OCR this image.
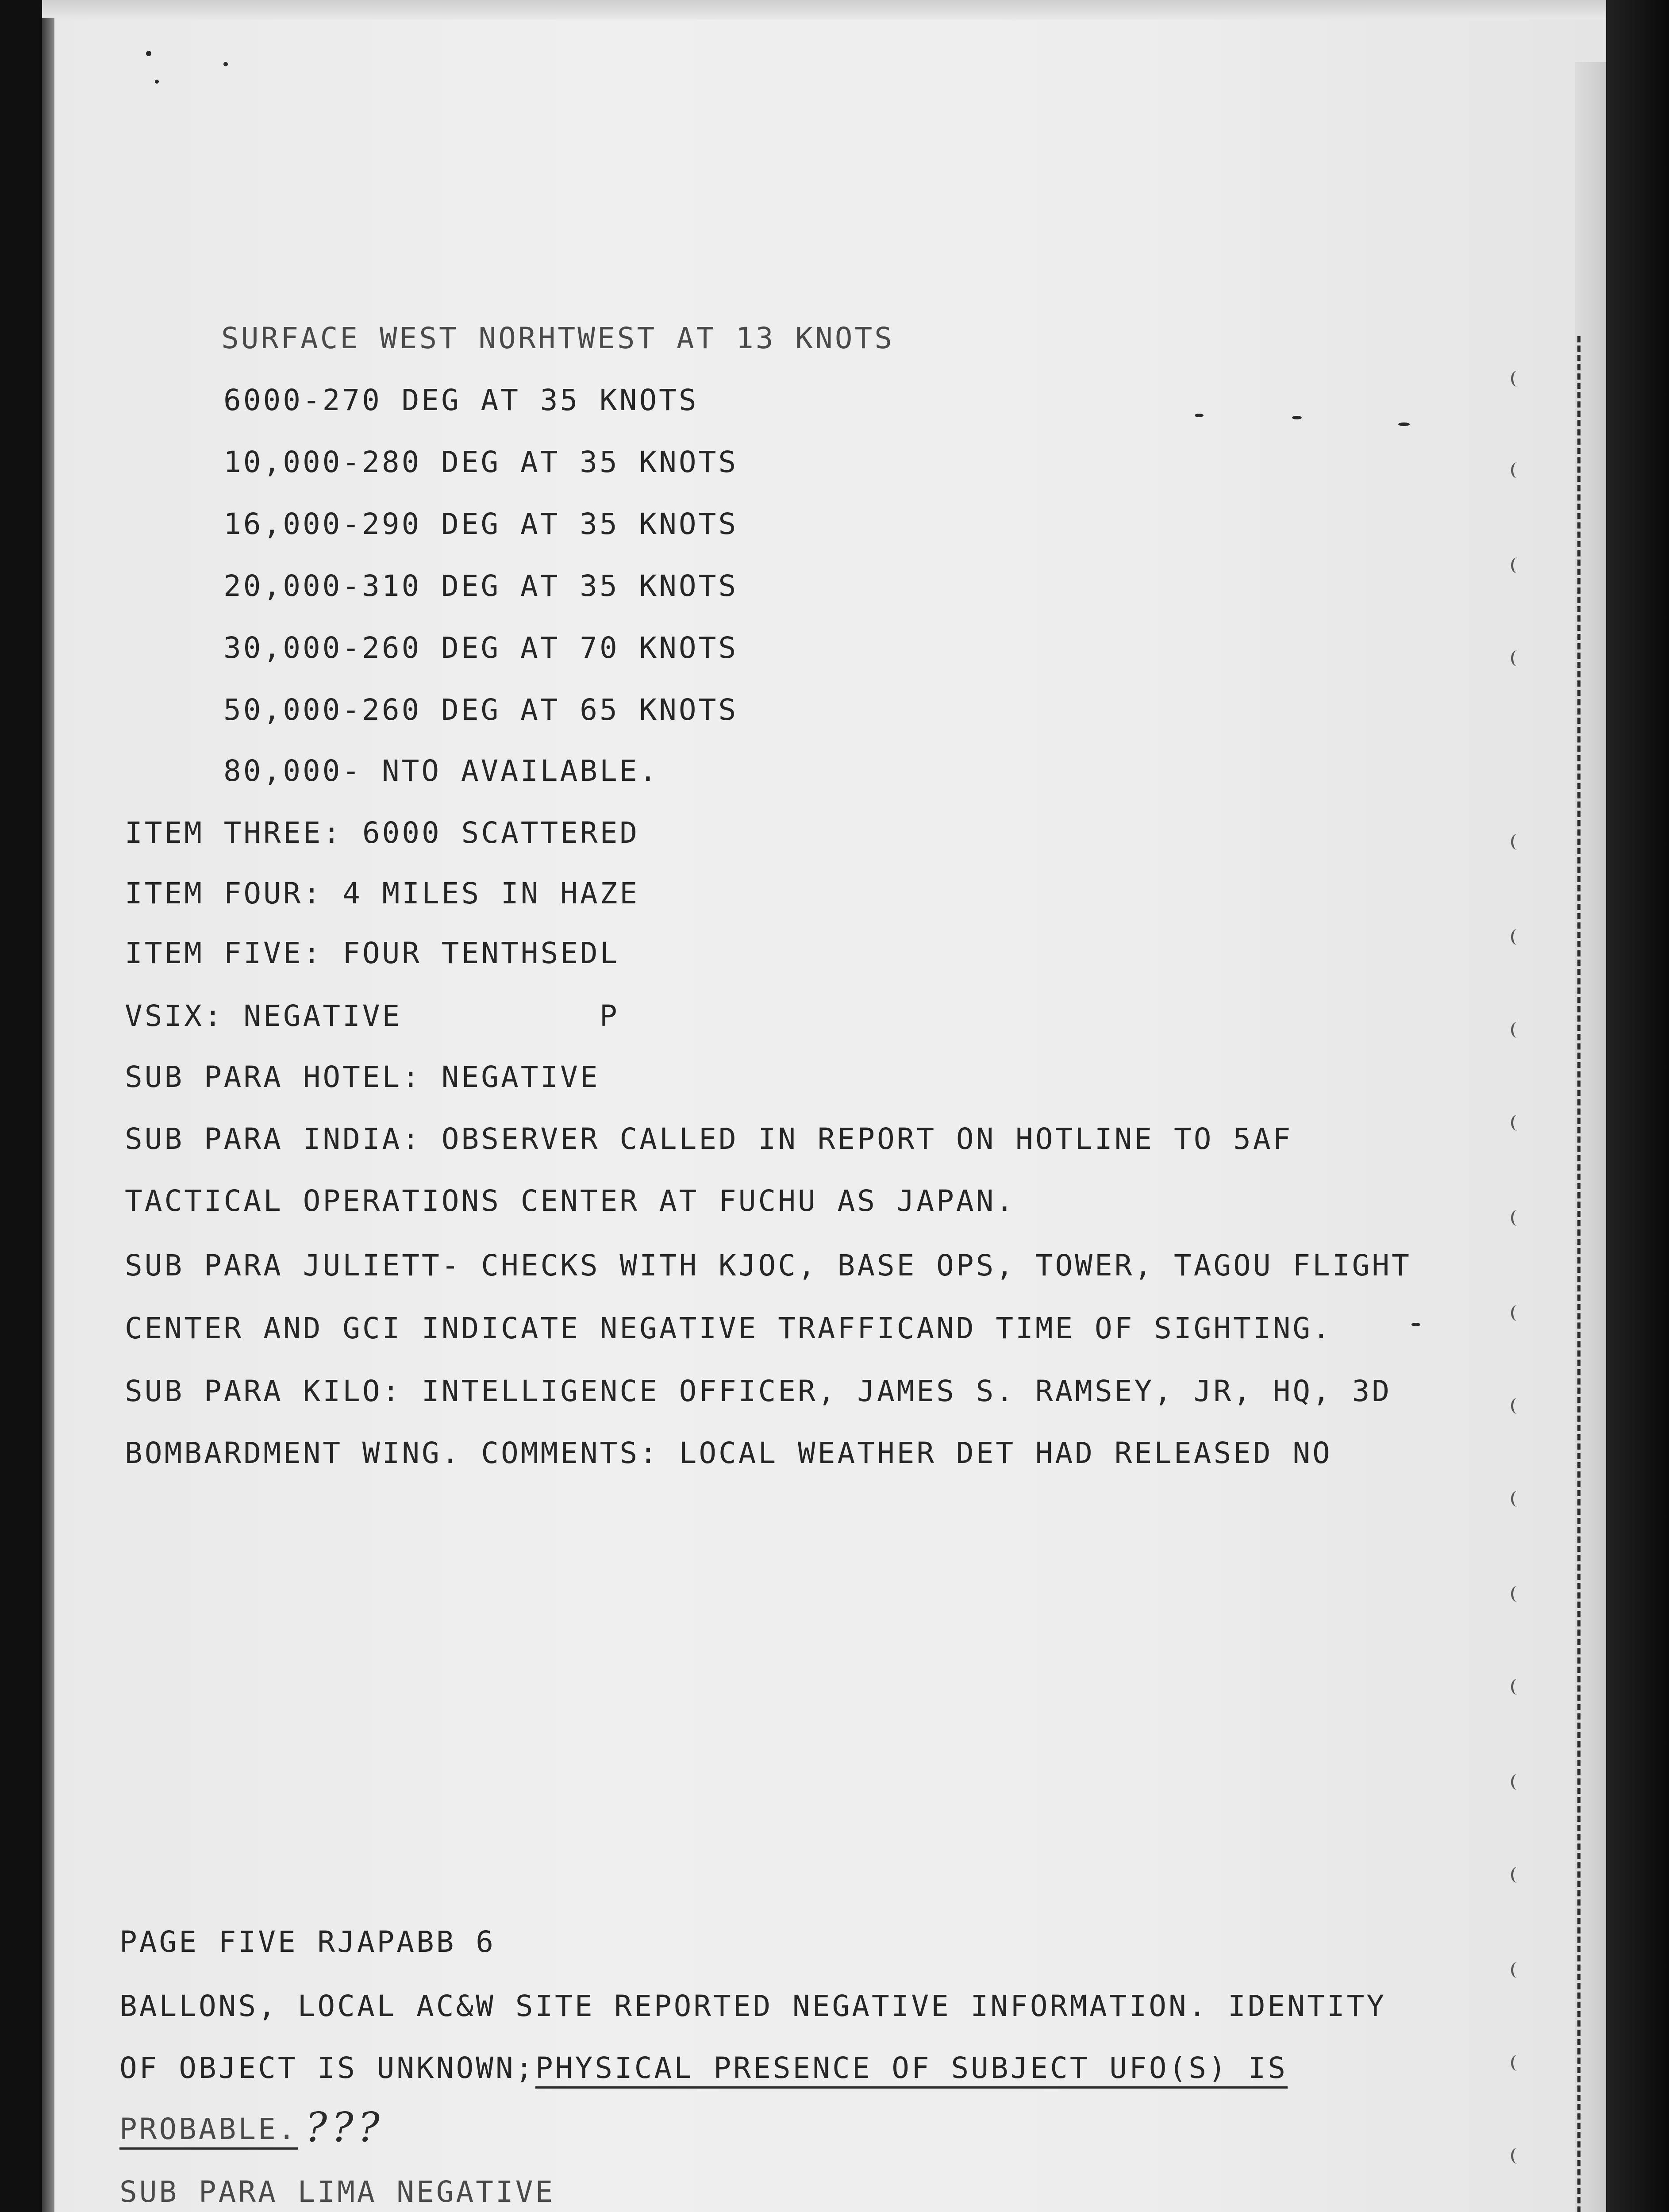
SURFACE WEST NORHTWEST AT 13 KNOTS

6000-270 DEG AT 35 KNOTS

10,000-280 DEG AT 35 KNOTS

16,000-290 DEG AT 35 KNOTS

20,000-310 DEG AT 35 KNOTS

30,000-260 DEG AT 70 KNOTS

50,000-260 DEG AT 65 KNOTS

80,000- NTO AVAILABLE.

ITEM THREE: 6000 SCATTERED

ITEM FOUR: 4 MILES IN HAZE

ITEM FIVE: FOUR TENTHSEDL

VSIX: NEGATIVE	P

SUB PARA HOTEL: NEGATIVE

SUB PARA INDIA: OBSERVER CALLED IN REPORT ON HOTLINE TO 5AF

TACTICAL OPERATIONS CENTER AT FUCHU AS JAPAN.

SUB PARA JULIETT- CHECKS WITH KJOC, BASE OPS, TOWER, TAGOU FLIGHT

CENTER AND GCI INDICATE NEGATIVE TRAFFICAND TIME OF SIGHTING.

SUB PARA KILO: INTELLIGENCE OFFICER, JAMES S. RAMSEY, JR, HQ, 3D

BOMBARDMENT WING. COMMENTS: LOCAL WEATHER DET HAD RELEASED NO

PAGE FIVE RJAPABB 6

BALLONS, LOCAL AC&W SITE REPORTED NEGATIVE INFORMATION. IDENTITY

OF OBJECT IS UNKNOWN; PHYSICAL PRESENCE OF SUBJECT UFO(S) IS

PROBABLE. ???

SUB PARA LIMA NEGATIVE
